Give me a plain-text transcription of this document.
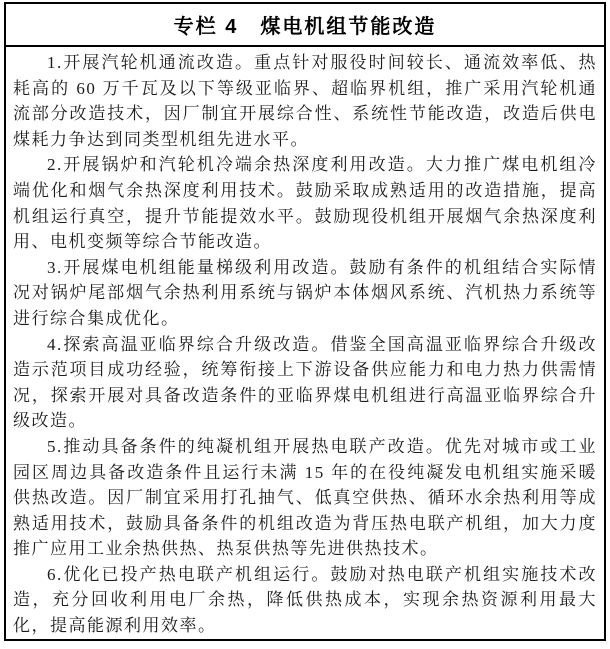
专栏 4　煤电机组节能改造

1.开展汽轮机通流改造。重点针对服役时间较长、通流效率低、热耗高的 60 万千瓦及以下等级亚临界、超临界机组，推广采用汽轮机通流部分改造技术，因厂制宜开展综合性、系统性节能改造，改造后供电煤耗力争达到同类型机组先进水平。

2.开展锅炉和汽轮机冷端余热深度利用改造。大力推广煤电机组冷端优化和烟气余热深度利用技术。鼓励采取成熟适用的改造措施，提高机组运行真空，提升节能提效水平。鼓励现役机组开展烟气余热深度利用、电机变频等综合节能改造。

3.开展煤电机组能量梯级利用改造。鼓励有条件的机组结合实际情况对锅炉尾部烟气余热利用系统与锅炉本体烟风系统、汽机热力系统等进行综合集成优化。

4.探索高温亚临界综合升级改造。借鉴全国高温亚临界综合升级改造示范项目成功经验，统筹衔接上下游设备供应能力和电力热力供需情况，探索开展对具备改造条件的亚临界煤电机组进行高温亚临界综合升级改造。

5.推动具备条件的纯凝机组开展热电联产改造。优先对城市或工业园区周边具备改造条件且运行未满 15 年的在役纯凝发电机组实施采暖供热改造。因厂制宜采用打孔抽气、低真空供热、循环水余热利用等成熟适用技术，鼓励具备条件的机组改造为背压热电联产机组，加大力度推广应用工业余热供热、热泵供热等先进供热技术。

6.优化已投产热电联产机组运行。鼓励对热电联产机组实施技术改造，充分回收利用电厂余热，降低供热成本，实现余热资源利用最大化，提高能源利用效率。
